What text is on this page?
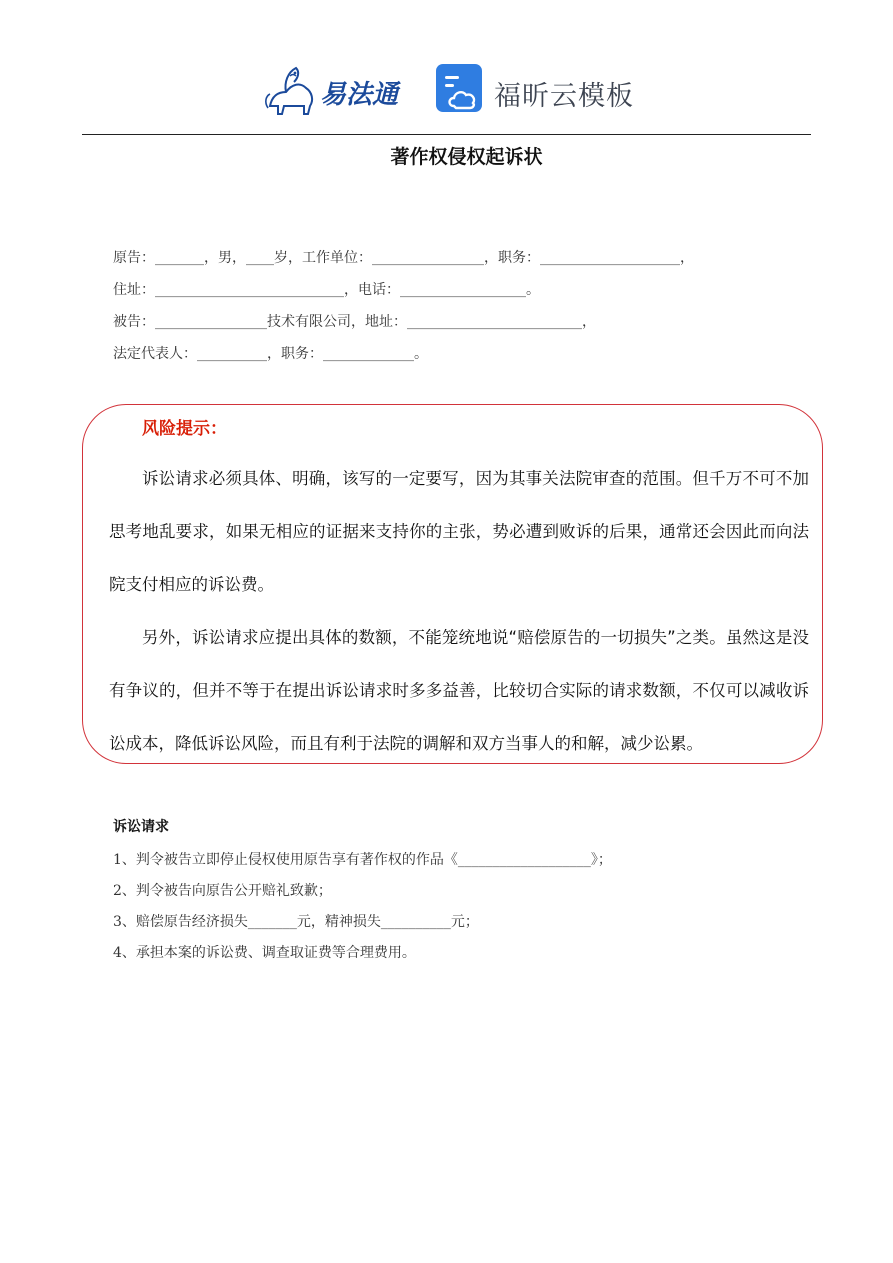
易法通	福昕云模板
著作权侵权起诉状
原告：_______，男，____岁，工作单位：________________，职务：____________________，
住址：___________________________，电话：__________________。
被告：________________技术有限公司，地址：_________________________，
法定代表人：__________，职务：_____________。
风险提示：

诉讼请求必须具体、明确，该写的一定要写，因为其事关法院审查的范围。但千万不可不加思考地乱要求，如果无相应的证据来支持你的主张，势必遭到败诉的后果，通常还会因此而向法院支付相应的诉讼费。

另外，诉讼请求应提出具体的数额，不能笼统地说“赔偿原告的一切损失”之类。虽然这是没有争议的，但并不等于在提出诉讼请求时多多益善，比较切合实际的请求数额，不仅可以减收诉讼成本，降低诉讼风险，而且有利于法院的调解和双方当事人的和解，减少讼累。

诉讼请求
1、判令被告立即停止侵权使用原告享有著作权的作品《___________________》；
2、判令被告向原告公开赔礼致歉；
3、赔偿原告经济损失_______元，精神损失__________元；
4、承担本案的诉讼费、调查取证费等合理费用。
